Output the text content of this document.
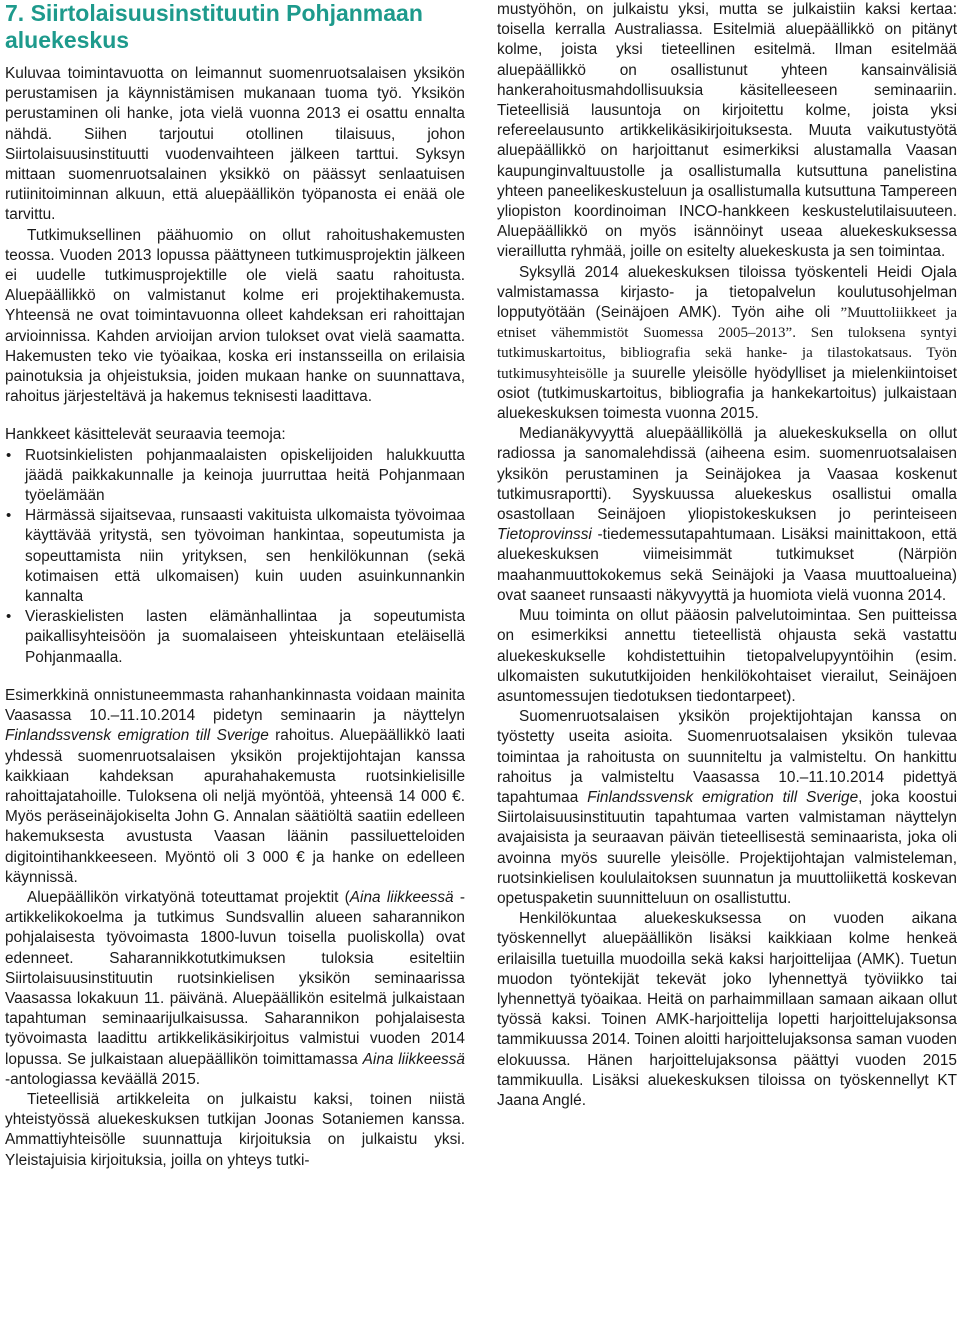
7. Siirtolaisuusinstituutin Pohjanmaan aluekeskus

Kuluvaa toimintavuotta on leimannut suomenruotsalaisen yksikön perustamisen ja käynnistämisen mukanaan tuoma työ. Yksikön perustaminen oli hanke, jota vielä vuonna 2013 ei osattu ennalta nähdä. Siihen tarjoutui otollinen tilaisuus, johon Siirtolaisuusinstituutti vuodenvaihteen jälkeen tarttui. Syksyn mittaan suomenruotsalainen yksikkö on päässyt senlaatuisen rutiinitoiminnan alkuun, että aluepäällikön työpanosta ei enää ole tarvittu.

Tutkimuksellinen päähuomio on ollut rahoitushakemusten teossa. Vuoden 2013 lopussa päättyneen tutkimusprojektin jälkeen ei uudelle tutkimusprojektille ole vielä saatu rahoitusta. Aluepäällikkö on valmistanut kolme eri projektihakemusta. Yhteensä ne ovat toimintavuonna olleet kahdeksan eri rahoittajan arvioinnissa. Kahden arvioijan arvion tulokset ovat vielä saamatta. Hakemusten teko vie työaikaa, koska eri instansseilla on erilaisia painotuksia ja ohjeistuksia, joiden mukaan hanke on suunnattava, rahoitus järjesteltävä ja hakemus teknisesti laadittava.

Hankkeet käsittelevät seuraavia teemoja:

• Ruotsinkielisten pohjanmaalaisten opiskelijoiden halukkuutta jäädä paikkakunnalle ja keinoja juurruttaa heitä Pohjanmaan työelämään
• Härmässä sijaitsevaa, runsaasti vakituista ulkomaista työvoimaa käyttävää yritystä, sen työvoiman hankintaa, sopeutumista ja sopeuttamista niin yrityksen, sen henkilökunnan (sekä kotimaisen että ulkomaisen) kuin uuden asuinkunnankin kannalta
• Vieraskielisten lasten elämänhallintaa ja sopeutumista paikallisyhteisöön ja suomalaiseen yhteiskuntaan eteläisellä Pohjanmaalla.

Esimerkkinä onnistuneemmasta rahanhankinnasta voidaan mainita Vaasassa 10.–11.10.2014 pidetyn seminaarin ja näyttelyn Finlandssvensk emigration till Sverige rahoitus. Aluepäällikkö laati yhdessä suomenruotsalaisen yksikön projektijohtajan kanssa kaikkiaan kahdeksan apurahahakemusta ruotsinkielisille rahoittajatahoille. Tuloksena oli neljä myöntöä, yhteensä 14 000 €. Myös peräseinäjokiselta John G. Annalan säätiöltä saatiin edelleen hakemuksesta avustusta Vaasan läänin passiluetteloiden digitointihankkeeseen. Myöntö oli 3 000 € ja hanke on edelleen käynnissä.

Aluepäällikön virkatyönä toteuttamat projektit (Aina liikkeessä -artikkelikokoelma ja tutkimus Sundsvallin alueen saharannikon pohjalaisesta työvoimasta 1800-luvun toisella puoliskolla) ovat edenneet. Saharannikkotutkimuksen tuloksia esiteltiin Siirtolaisuusinstituutin ruotsinkielisen yksikön seminaarissa Vaasassa lokakuun 11. päivänä. Aluepäällikön esitelmä julkaistaan tapahtuman seminaarijulkaisussa. Saharannikon pohjalaisesta työvoimasta laadittu artikkelikäsikirjoitus valmistui vuoden 2014 lopussa. Se julkaistaan aluepäällikön toimittamassa Aina liikkeessä -antologiassa keväällä 2015.

Tieteellisiä artikkeleita on julkaistu kaksi, toinen niistä yhteistyössä aluekeskuksen tutkijan Joonas Sotaniemen kanssa. Ammattiyhteisölle suunnattuja kirjoituksia on julkaistu yksi. Yleistajuisia kirjoituksia, joilla on yhteys tutki-

mustyöhön, on julkaistu yksi, mutta se julkaistiin kaksi kertaa: toisella kerralla Australiassa. Esitelmiä aluepäällikkö on pitänyt kolme, joista yksi tieteellinen esitelmä. Ilman esitelmää aluepäällikkö on osallistunut yhteen kansainvälisiä hankerahoitusmahdollisuuksia käsitelleeseen seminaariin. Tieteellisiä lausuntoja on kirjoitettu kolme, joista yksi refereelausunto artikkelikäsikirjoituksesta. Muuta vaikutustyötä aluepäällikkö on harjoittanut esimerkiksi alustamalla Vaasan kaupunginvaltuustolle ja osallistumalla kutsuttuna panelistina yhteen paneelikeskusteluun ja osallistumalla kutsuttuna Tampereen yliopiston koordinoiman INCO-hankkeen keskustelutilaisuuteen. Aluepäällikkö on myös isännöinyt useaa aluekeskuksessa vieraillutta ryhmää, joille on esitelty aluekeskusta ja sen toimintaa.

Syksyllä 2014 aluekeskuksen tiloissa työskenteli Heidi Ojala valmistamassa kirjasto- ja tietopalvelun koulutusohjelman lopputyötään (Seinäjoen AMK). Työn aihe oli ”Muuttoliikkeet ja etniset vähemmistöt Suomessa 2005–2013”. Sen tuloksena syntyi tutkimuskartoitus, bibliografia sekä hanke- ja tilastokatsaus. Työn tutkimusyhteisölle ja suurelle yleisölle hyödylliset ja mielenkiintoiset osiot (tutkimuskartoitus, bibliografia ja hankekartoitus) julkaistaan aluekeskuksen toimesta vuonna 2015.

Medianäkyvyyttä aluepäälliköllä ja aluekeskuksella on ollut radiossa ja sanomalehdissä (aiheena esim. suomenruotsalaisen yksikön perustaminen ja Seinäjokea ja Vaasaa koskenut tutkimusraportti). Syyskuussa aluekeskus osallistui omalla osastollaan Seinäjoen yliopistokeskuksen jo perinteiseen Tietoprovinssi -tiedemessutapahtumaan. Lisäksi mainittakoon, että aluekeskuksen viimeisimmät tutkimukset (Närpiön maahanmuuttokokemus sekä Seinäjoki ja Vaasa muuttoalueina) ovat saaneet runsaasti näkyvyyttä ja huomiota vielä vuonna 2014.

Muu toiminta on ollut pääosin palvelutoimintaa. Sen puitteissa on esimerkiksi annettu tieteellistä ohjausta sekä vastattu aluekeskukselle kohdistettuihin tietopalvelupyyntöihin (esim. ulkomaisten sukututkijoiden henkilökohtaiset vierailut, Seinäjoen asuntomessujen tiedotuksen tiedontarpeet).

Suomenruotsalaisen yksikön projektijohtajan kanssa on työstetty useita asioita. Suomenruotsalaisen yksikön tulevaa toimintaa ja rahoitusta on suunniteltu ja valmisteltu. On hankittu rahoitus ja valmisteltu Vaasassa 10.–11.10.2014 pidettyä tapahtumaa Finlandssvensk emigration till Sverige, joka koostui Siirtolaisuusinstituutin tapahtumaa varten valmistaman näyttelyn avajaisista ja seuraavan päivän tieteellisestä seminaarista, joka oli avoinna myös suurelle yleisölle. Projektijohtajan valmisteleman, ruotsinkielisen koululaitoksen suunnatun ja muuttoliikettä koskevan opetuspaketin suunnitteluun on osallistuttu.

Henkilökuntaa aluekeskuksessa on vuoden aikana työskennellyt aluepäällikön lisäksi kaikkiaan kolme henkeä erilaisilla tuetuilla muodoilla sekä kaksi harjoittelijaa (AMK). Tuetun muodon työntekijät tekevät joko lyhennettyä työviikko tai lyhennettyä työaikaa. Heitä on parhaimmillaan samaan aikaan ollut työssä kaksi. Toinen AMK-harjoittelija lopetti harjoittelujaksonsa tammikuussa 2014. Toinen aloitti harjoittelujaksonsa saman vuoden elokuussa. Hänen harjoittelujaksonsa päättyi vuoden 2015 tammikuulla. Lisäksi aluekeskuksen tiloissa on työskennellyt KT Jaana Anglé.
